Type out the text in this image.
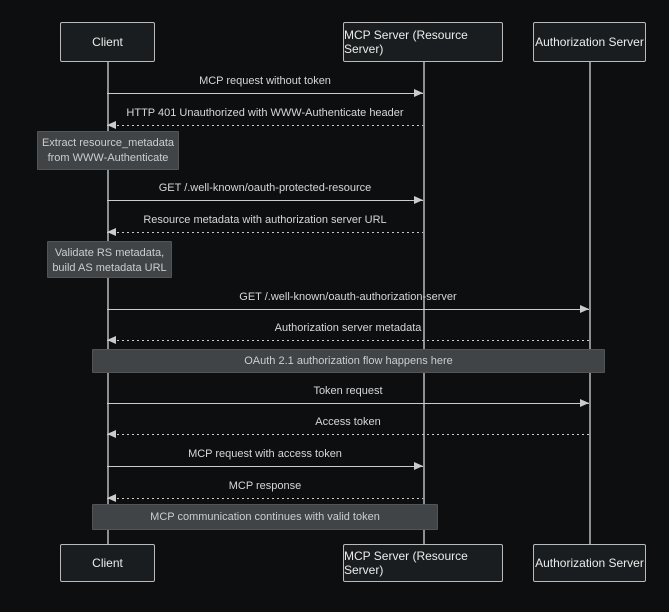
Client	MCP Server (Resource Server)	Authorization Server
MCP request without token
HTTP 401 Unauthorized with WWW-Authenticate header
Extract resource_metadata
from WWW-Authenticate
GET /.well-known/oauth-protected-resource
Resource metadata with authorization server URL
Validate RS metadata,
build AS metadata URL
GET /.well-known/oauth-authorization-server
Authorization server metadata
OAuth 2.1 authorization flow happens here
Token request
Access token
MCP request with access token
MCP response
MCP communication continues with valid token
Client	MCP Server (Resource Server)	Authorization Server
